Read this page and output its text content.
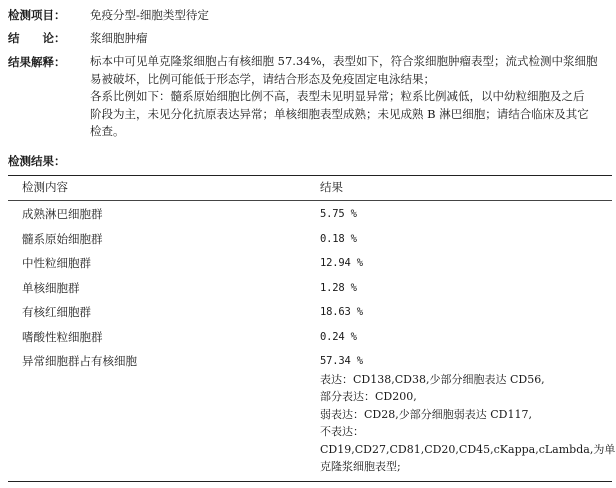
检测项目： 免疫分型-细胞类型待定
结　　论： 浆细胞肿瘤
结果解释： 标本中可见单克隆浆细胞占有核细胞 57.34%，表型如下，符合浆细胞肿瘤表型；流式检测中浆细胞

易被破坏，比例可能低于形态学，请结合形态及免疫固定电泳结果；

各系比例如下：髓系原始细胞比例不高，表型未见明显异常；粒系比例减低，以中幼粒细胞及之后

阶段为主，未见分化抗原表达异常；单核细胞表型成熟；未见成熟 B 淋巴细胞；请结合临床及其它

检查。

检测结果：
检测内容	结果
成熟淋巴细胞群	5.75 %
髓系原始细胞群	0.18 %
中性粒细胞群	12.94 %
单核细胞群	1.28 %
有核红细胞群	18.63 %
嗜酸性粒细胞群	0.24 %
异常细胞群占有核细胞	57.34 %
表达：CD138,CD38,少部分细胞表达 CD56,
部分表达：CD200,
弱表达：CD28,少部分细胞弱表达 CD117,
不表达：
CD19,CD27,CD81,CD20,CD45,cKappa,cLambda,为单
克隆浆细胞表型;
